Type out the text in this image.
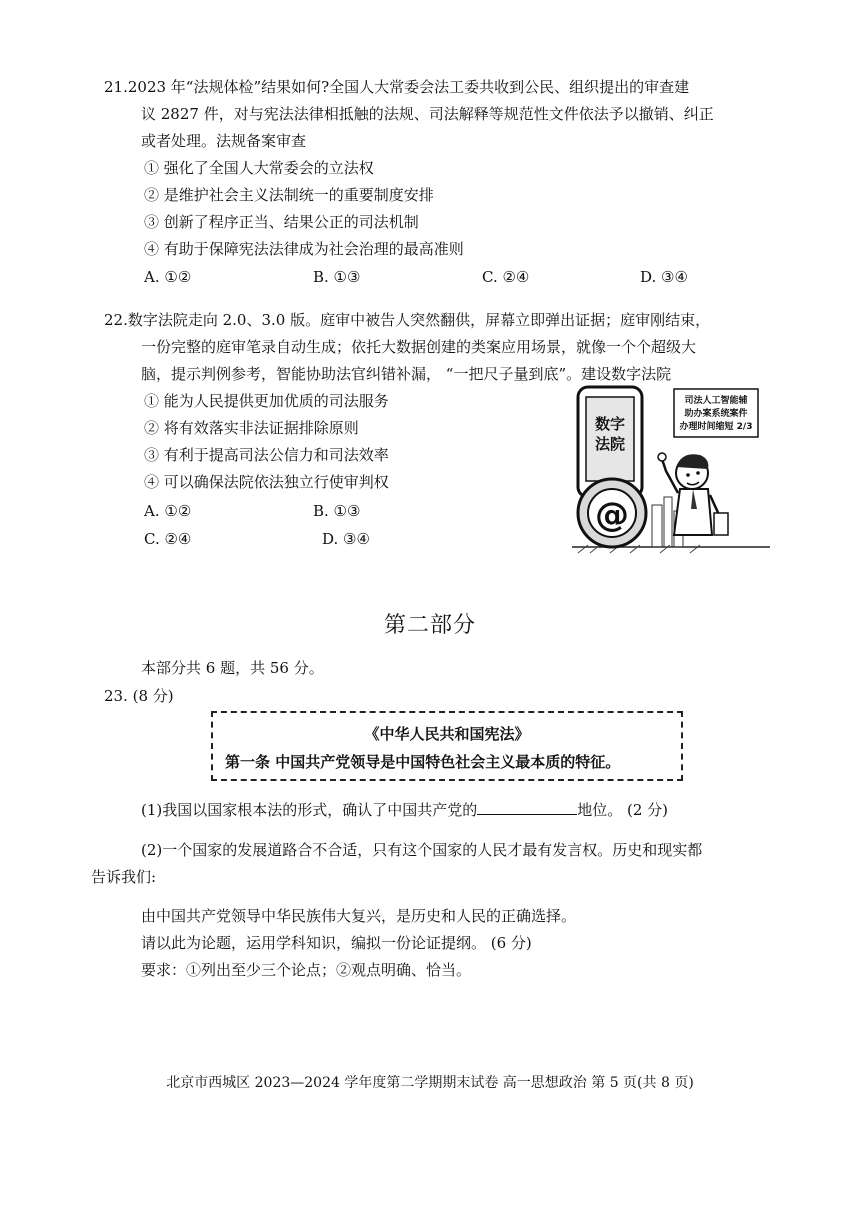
21.2023 年“法规体检”结果如何?全国人大常委会法工委共收到公民、组织提出的审查建
议 2827 件，对与宪法法律相抵触的法规、司法解释等规范性文件依法予以撤销、纠正
或者处理。法规备案审查
① 强化了全国人大常委会的立法权
② 是维护社会主义法制统一的重要制度安排
③ 创新了程序正当、结果公正的司法机制
④ 有助于保障宪法法律成为社会治理的最高准则
A. ①②	B. ①③	C. ②④	D. ③④
22.数字法院走向 2.0、3.0 版。庭审中被告人突然翻供，屏幕立即弹出证据；庭审刚结束，
一份完整的庭审笔录自动生成；依托大数据创建的类案应用场景，就像一个个超级大
脑，提示判例参考，智能协助法官纠错补漏， “一把尺子量到底”。建设数字法院
① 能为人民提供更加优质的司法服务
② 将有效落实非法证据排除原则
③ 有利于提高司法公信力和司法效率
④ 可以确保法院依法独立行使审判权
A. ①②	B. ①③
C. ②④	D. ③④
数字
法院
@
司法人工智能辅
助办案系统案件
办理时间缩短 2/3
第二部分
本部分共 6 题，共 56 分。
23. (8 分)
《中华人民共和国宪法》
第一条 中国共产党领导是中国特色社会主义最本质的特征。
(1)我国以国家根本法的形式，确认了中国共产党的	地位。 (2 分)
(2)一个国家的发展道路合不合适，只有这个国家的人民才最有发言权。历史和现实都
告诉我们:
由中国共产党领导中华民族伟大复兴，是历史和人民的正确选择。
请以此为论题，运用学科知识，编拟一份论证提纲。 (6 分)
要求：①列出至少三个论点；②观点明确、恰当。
北京市西城区 2023—2024 学年度第二学期期末试卷 高一思想政治 第 5 页(共 8 页)
